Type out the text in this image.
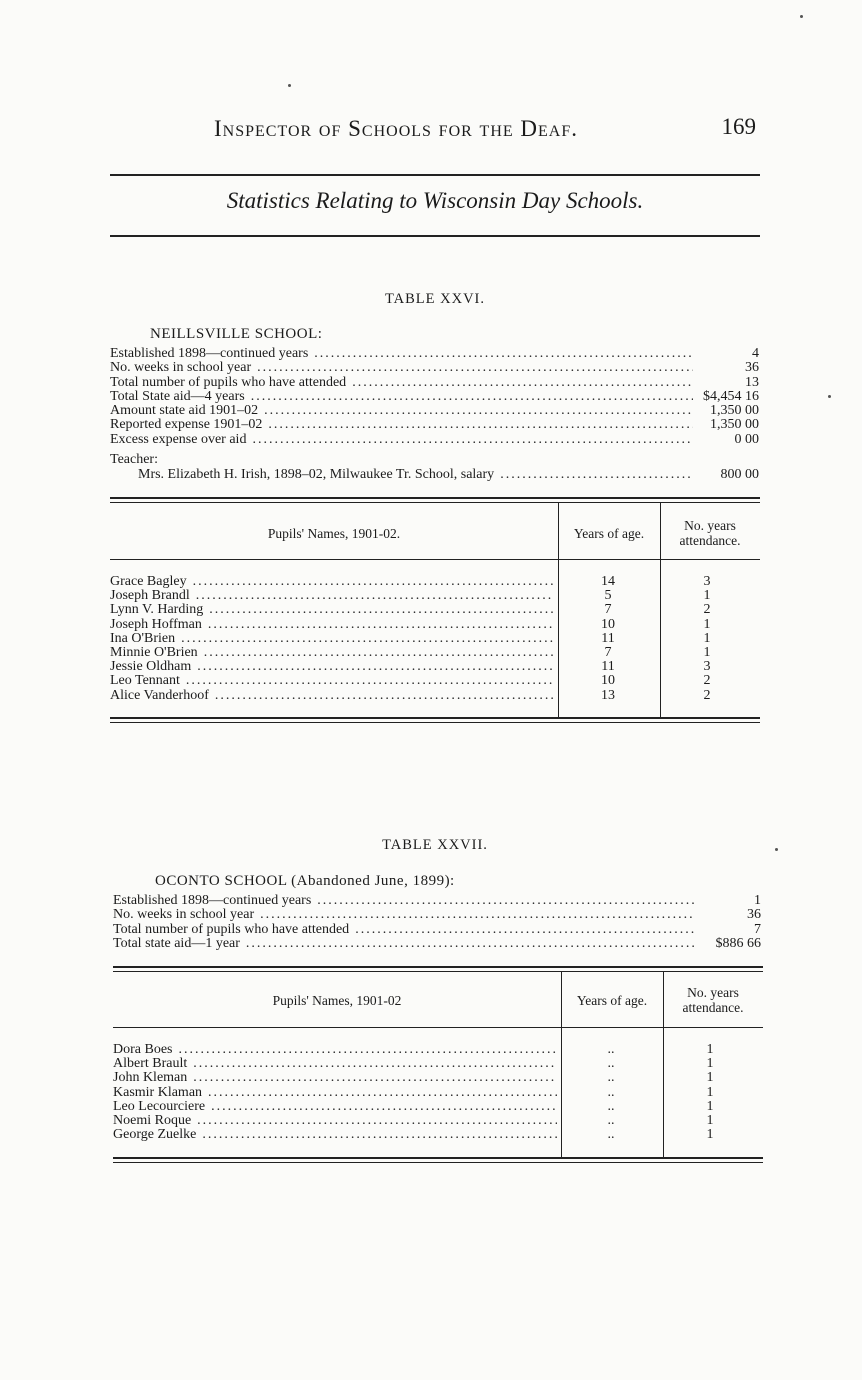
Inspector of Schools for the Deaf.	169
Statistics Relating to Wisconsin Day Schools.
TABLE XXVI.
NEILLSVILLE SCHOOL:
Established 1898—continued years .....	4
No. weeks in school year .....	36
Total number of pupils who have attended .....	13
Total State aid—4 years .....	$4,454 16
Amount state aid 1901–02 .....	1,350 00
Reported expense 1901–02 .....	1,350 00
Excess expense over aid .....	0 00
Teacher:
Mrs. Elizabeth H. Irish, 1898–02, Milwaukee Tr. School, salary .....	800 00
Pupils' Names, 1901-02.	Years of age.
No. years
attendance.
Grace Bagley .....	14	3
Joseph Brandl .....	5	1
Lynn V. Harding .....	7	2
Joseph Hoffman .....	10	1
Ina O'Brien .....	11	1
Minnie O'Brien .....	7	1
Jessie Oldham .....	11	3
Leo Tennant .....	10	2
Alice Vanderhoof .....	13	2
TABLE XXVII.
OCONTO SCHOOL (Abandoned June, 1899):
Established 1898—continued years .....	1
No. weeks in school year .....	36
Total number of pupils who have attended .....	7
Total state aid—1 year .....	$886 66
Pupils' Names, 1901-02	Years of age.
No. years
attendance.
Dora Boes .....	..	1
Albert Brault .....	..	1
John Kleman .....	..	1
Kasmir Klaman .....	..	1
Leo Lecourciere .....	..	1
Noemi Roque .....	..	1
George Zuelke .....	..	1
